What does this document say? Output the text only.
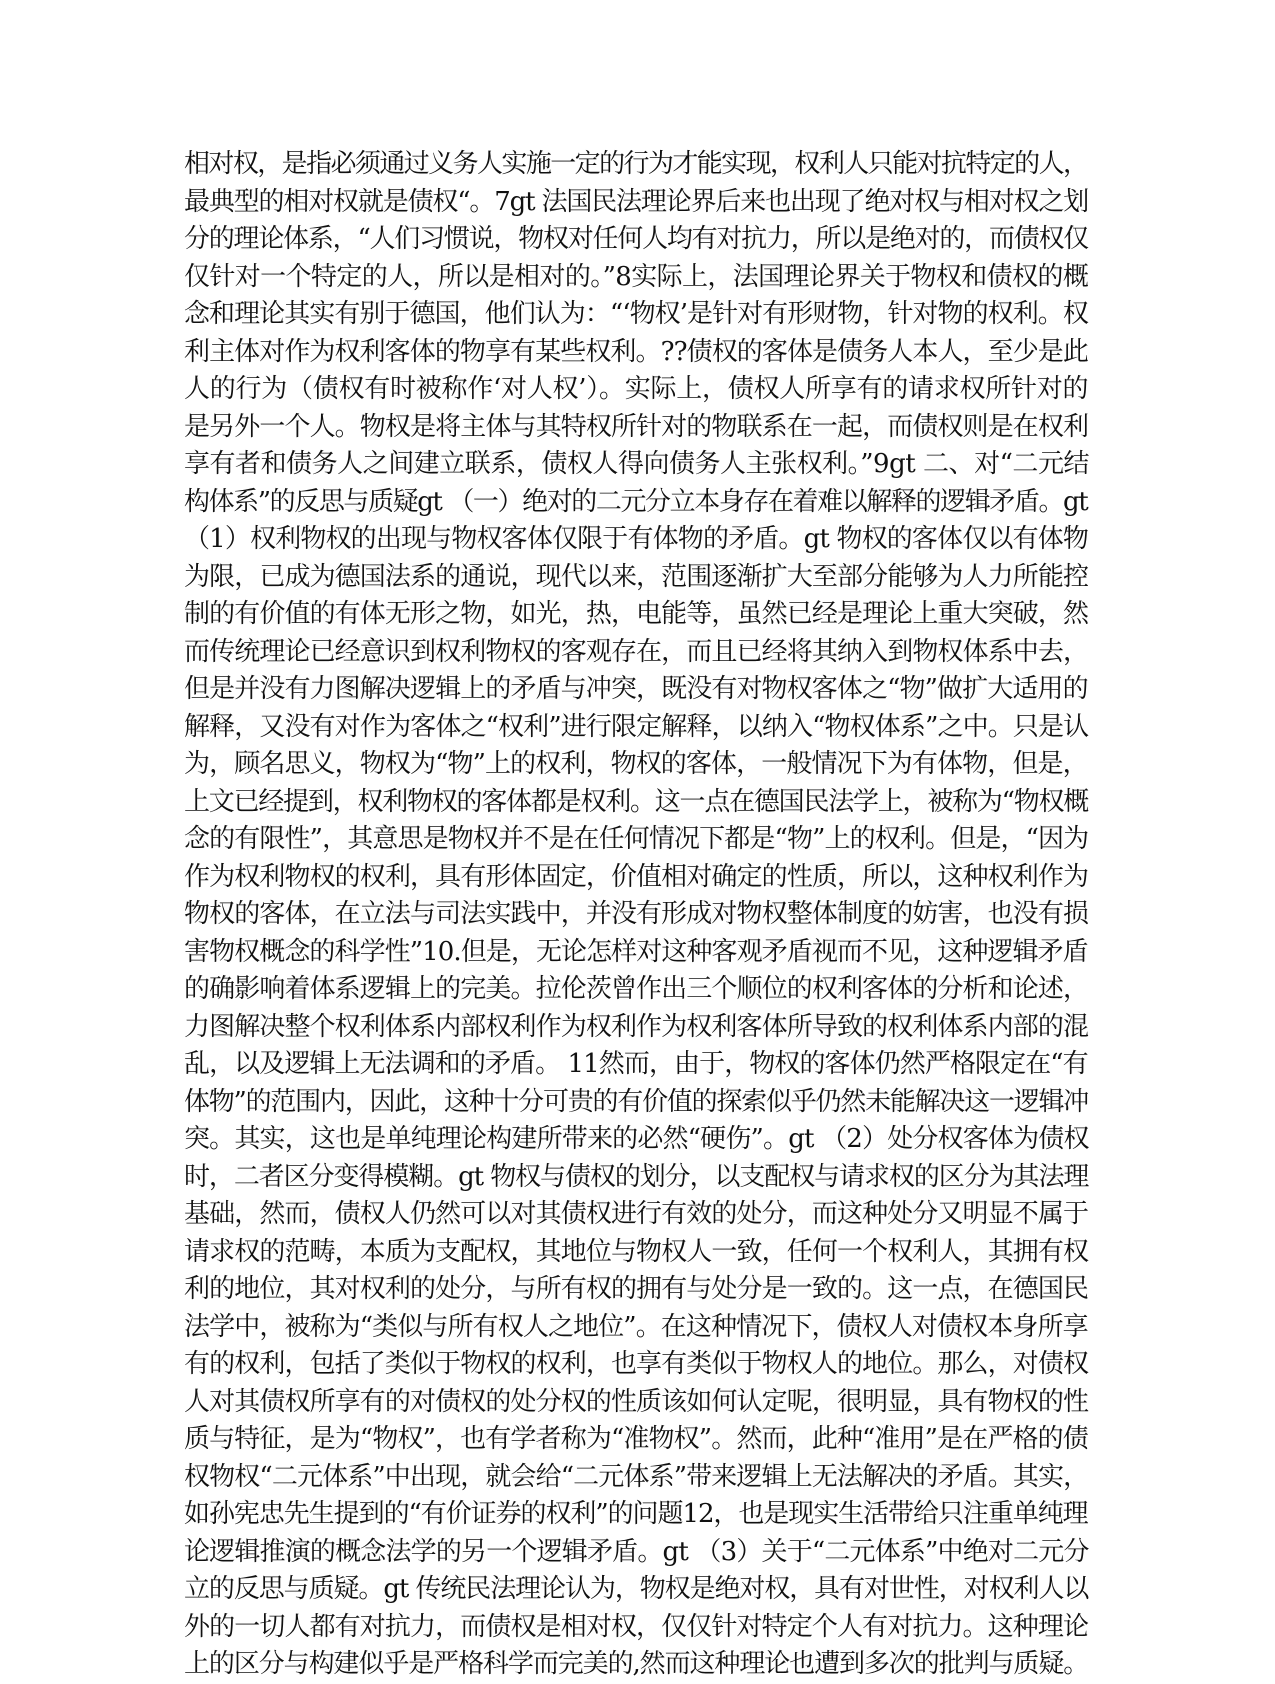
相对权，是指必须通过义务人实施一定的行为才能实现，权利人只能对抗特定的人，
最典型的相对权就是债权“。7gt 法国民法理论界后来也出现了绝对权与相对权之划
分的理论体系，“人们习惯说，物权对任何人均有对抗力，所以是绝对的，而债权仅
仅针对一个特定的人，所以是相对的。”8实际上，法国理论界关于物权和债权的概
念和理论其实有别于德国，他们认为：“‘物权’是针对有形财物，针对物的权利。权
利主体对作为权利客体的物享有某些权利。??债权的客体是债务人本人，至少是此
人的行为（债权有时被称作‘对人权’）。实际上，债权人所享有的请求权所针对的
是另外一个人。物权是将主体与其特权所针对的物联系在一起，而债权则是在权利
享有者和债务人之间建立联系，债权人得向债务人主张权利。”9gt 二、对“二元结
构体系”的反思与质疑gt （一）绝对的二元分立本身存在着难以解释的逻辑矛盾。gt
（1）权利物权的出现与物权客体仅限于有体物的矛盾。gt 物权的客体仅以有体物
为限，已成为德国法系的通说，现代以来，范围逐渐扩大至部分能够为人力所能控
制的有价值的有体无形之物，如光，热，电能等，虽然已经是理论上重大突破，然
而传统理论已经意识到权利物权的客观存在，而且已经将其纳入到物权体系中去，
但是并没有力图解决逻辑上的矛盾与冲突，既没有对物权客体之“物”做扩大适用的
解释，又没有对作为客体之“权利”进行限定解释，以纳入“物权体系”之中。只是认
为，顾名思义，物权为“物”上的权利，物权的客体，一般情况下为有体物，但是，
上文已经提到，权利物权的客体都是权利。这一点在德国民法学上，被称为“物权概
念的有限性”，其意思是物权并不是在任何情况下都是“物”上的权利。但是，“因为
作为权利物权的权利，具有形体固定，价值相对确定的性质，所以，这种权利作为
物权的客体，在立法与司法实践中，并没有形成对物权整体制度的妨害，也没有损
害物权概念的科学性”10.但是，无论怎样对这种客观矛盾视而不见，这种逻辑矛盾
的确影响着体系逻辑上的完美。拉伦茨曾作出三个顺位的权利客体的分析和论述，
力图解决整个权利体系内部权利作为权利作为权利客体所导致的权利体系内部的混
乱，以及逻辑上无法调和的矛盾。 11然而，由于，物权的客体仍然严格限定在“有
体物”的范围内，因此，这种十分可贵的有价值的探索似乎仍然未能解决这一逻辑冲
突。其实，这也是单纯理论构建所带来的必然“硬伤”。gt （2）处分权客体为债权
时，二者区分变得模糊。gt 物权与债权的划分，以支配权与请求权的区分为其法理
基础，然而，债权人仍然可以对其债权进行有效的处分，而这种处分又明显不属于
请求权的范畴，本质为支配权，其地位与物权人一致，任何一个权利人，其拥有权
利的地位，其对权利的处分，与所有权的拥有与处分是一致的。这一点，在德国民
法学中，被称为“类似与所有权人之地位”。在这种情况下，债权人对债权本身所享
有的权利，包括了类似于物权的权利，也享有类似于物权人的地位。那么，对债权
人对其债权所享有的对债权的处分权的性质该如何认定呢，很明显，具有物权的性
质与特征，是为“物权”，也有学者称为“准物权”。然而，此种“准用”是在严格的债
权物权“二元体系”中出现，就会给“二元体系”带来逻辑上无法解决的矛盾。其实，
如孙宪忠先生提到的“有价证券的权利”的问题12，也是现实生活带给只注重单纯理
论逻辑推演的概念法学的另一个逻辑矛盾。gt （3）关于“二元体系”中绝对二元分
立的反思与质疑。gt 传统民法理论认为，物权是绝对权，具有对世性，对权利人以
外的一切人都有对抗力，而债权是相对权，仅仅针对特定个人有对抗力。这种理论
上的区分与构建似乎是严格科学而完美的,然而这种理论也遭到多次的批判与质疑。
